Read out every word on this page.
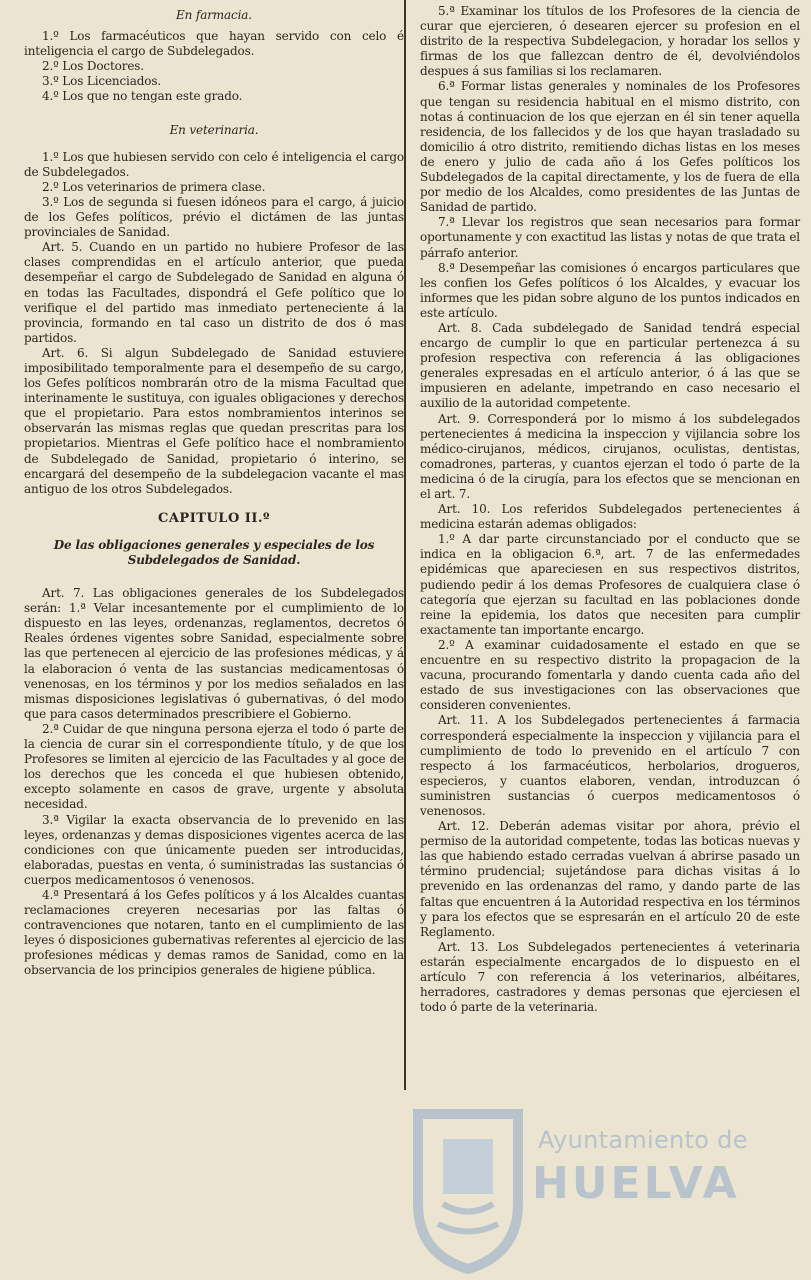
En farmacia.

1.º Los farmacéuticos que hayan servido con celo é inteligencia el cargo de Subdelegados.

2.º Los Doctores.

3.º Los Licenciados.

4.º Los que no tengan este grado.

En veterinaria.

1.º Los que hubiesen servido con celo é inteligencia el cargo de Subdelegados.

2.º Los veterinarios de primera clase.

3.º Los de segunda si fuesen idóneos para el cargo, á juicio de los Gefes políticos, prévio el dictámen de las juntas provinciales de Sanidad.

Art. 5. Cuando en un partido no hubiere Profesor de las clases comprendidas en el artículo anterior, que pueda desempeñar el cargo de Subdelegado de Sanidad en alguna ó en todas las Facultades, dispondrá el Gefe político que lo verifique el del partido mas inmediato perteneciente á la provincia, formando en tal caso un distrito de dos ó mas partidos.

Art. 6. Si algun Subdelegado de Sanidad estuviere imposibilitado temporalmente para el desempeño de su cargo, los Gefes políticos nombrarán otro de la misma Facultad que interinamente le sustituya, con iguales obligaciones y derechos que el propietario. Para estos nombramientos interinos se observarán las mismas reglas que quedan prescritas para los propietarios. Mientras el Gefe político hace el nombramiento de Subdelegado de Sanidad, propietario ó interino, se encargará del desempeño de la subdelegacion vacante el mas antiguo de los otros Subdelegados.

CAPITULO II.º

De las obligaciones generales y especiales de los Subdelegados de Sanidad.

Art. 7. Las obligaciones generales de los Subdelegados serán: 1.ª Velar incesantemente por el cumplimiento de lo dispuesto en las leyes, ordenanzas, reglamentos, decretos ó Reales órdenes vigentes sobre Sanidad, especialmente sobre las que pertenecen al ejercicio de las profesiones médicas, y á la elaboracion ó venta de las sustancias medicamentosas ó venenosas, en los términos y por los medios señalados en las mismas disposiciones legislativas ó gubernativas, ó del modo que para casos determinados prescribiere el Gobierno.

2.ª Cuidar de que ninguna persona ejerza el todo ó parte de la ciencia de curar sin el correspondiente título, y de que los Profesores se limiten al ejercicio de las Facultades y al goce de los derechos que les conceda el que hubiesen obtenido, excepto solamente en casos de grave, urgente y absoluta necesidad.

3.ª Vigilar la exacta observancia de lo prevenido en las leyes, ordenanzas y demas disposiciones vigentes acerca de las condiciones con que únicamente pueden ser introducidas, elaboradas, puestas en venta, ó suministradas las sustancias ó cuerpos medicamentosos ó venenosos.

4.ª Presentará á los Gefes políticos y á los Alcaldes cuantas reclamaciones creyeren necesarias por las faltas ó contravenciones que notaren, tanto en el cumplimiento de las leyes ó disposiciones gubernativas referentes al ejercicio de las profesiones médicas y demas ramos de Sanidad, como en la observancia de los principios generales de higiene pública.

5.ª Examinar los títulos de los Profesores de la ciencia de curar que ejercieren, ó desearen ejercer su profesion en el distrito de la respectiva Subdelegacion, y horadar los sellos y firmas de los que fallezcan dentro de él, devolviéndolos despues á sus familias si los reclamaren.

6.ª Formar listas generales y nominales de los Profesores que tengan su residencia habitual en el mismo distrito, con notas á continuacion de los que ejerzan en él sin tener aquella residencia, de los fallecidos y de los que hayan trasladado su domicilio á otro distrito, remitiendo dichas listas en los meses de enero y julio de cada año á los Gefes políticos los Subdelegados de la capital directamente, y los de fuera de ella por medio de los Alcaldes, como presidentes de las Juntas de Sanidad de partido.

7.ª Llevar los registros que sean necesarios para formar oportunamente y con exactitud las listas y notas de que trata el párrafo anterior.

8.ª Desempeñar las comisiones ó encargos particulares que les confien los Gefes políticos ó los Alcaldes, y evacuar los informes que les pidan sobre alguno de los puntos indicados en este artículo.

Art. 8. Cada subdelegado de Sanidad tendrá especial encargo de cumplir lo que en particular pertenezca á su profesion respectiva con referencia á las obligaciones generales expresadas en el artículo anterior, ó á las que se impusieren en adelante, impetrando en caso necesario el auxilio de la autoridad competente.

Art. 9. Corresponderá por lo mismo á los subdelegados pertenecientes á medicina la inspeccion y vijilancia sobre los médico-cirujanos, médicos, cirujanos, oculistas, dentistas, comadrones, parteras, y cuantos ejerzan el todo ó parte de la medicina ó de la cirugía, para los efectos que se mencionan en el art. 7.

Art. 10. Los referidos Subdelegados pertenecientes á medicina estarán ademas obligados:

1.º A dar parte circunstanciado por el conducto que se indica en la obligacion 6.ª, art. 7 de las enfermedades epidémicas que apareciesen en sus respectivos distritos, pudiendo pedir á los demas Profesores de cualquiera clase ó categoría que ejerzan su facultad en las poblaciones donde reine la epidemia, los datos que necesiten para cumplir exactamente tan importante encargo.

2.º A examinar cuidadosamente el estado en que se encuentre en su respectivo distrito la propagacion de la vacuna, procurando fomentarla y dando cuenta cada año del estado de sus investigaciones con las observaciones que consideren convenientes.

Art. 11. A los Subdelegados pertenecientes á farmacia corresponderá especialmente la inspeccion y vijilancia para el cumplimiento de todo lo prevenido en el artículo 7 con respecto á los farmacéuticos, herbolarios, drogueros, especieros, y cuantos elaboren, vendan, introduzcan ó suministren sustancias ó cuerpos medicamentosos ó venenosos.

Art. 12. Deberán ademas visitar por ahora, prévio el permiso de la autoridad competente, todas las boticas nuevas y las que habiendo estado cerradas vuelvan á abrirse pasado un término prudencial; sujetándose para dichas visitas á lo prevenido en las ordenanzas del ramo, y dando parte de las faltas que encuentren á la Autoridad respectiva en los términos y para los efectos que se espresarán en el artículo 20 de este Reglamento.

Art. 13. Los Subdelegados pertenecientes á veterinaria estarán especialmente encargados de lo dispuesto en el artículo 7 con referencia á los veterinarios, albéitares, herradores, castradores y demas personas que ejerciesen el todo ó parte de la veterinaria.

Ayuntamiento de
HUELVA
